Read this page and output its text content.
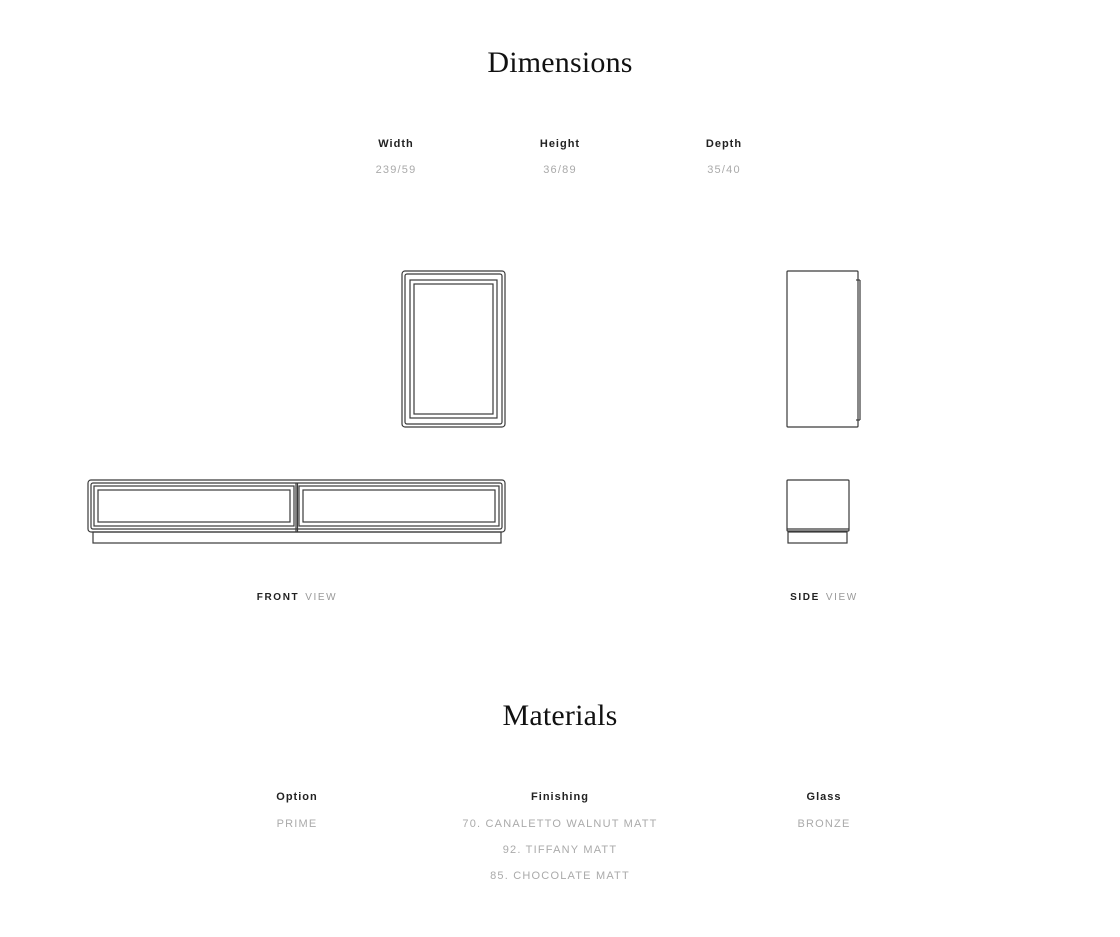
Dimensions
Width
239/59
Height
36/89
Depth
35/40
FRONT VIEW	SIDE VIEW
Materials
Option
PRIME
Finishing
70. CANALETTO WALNUT MATT
92. TIFFANY MATT
85. CHOCOLATE MATT
Glass
BRONZE
